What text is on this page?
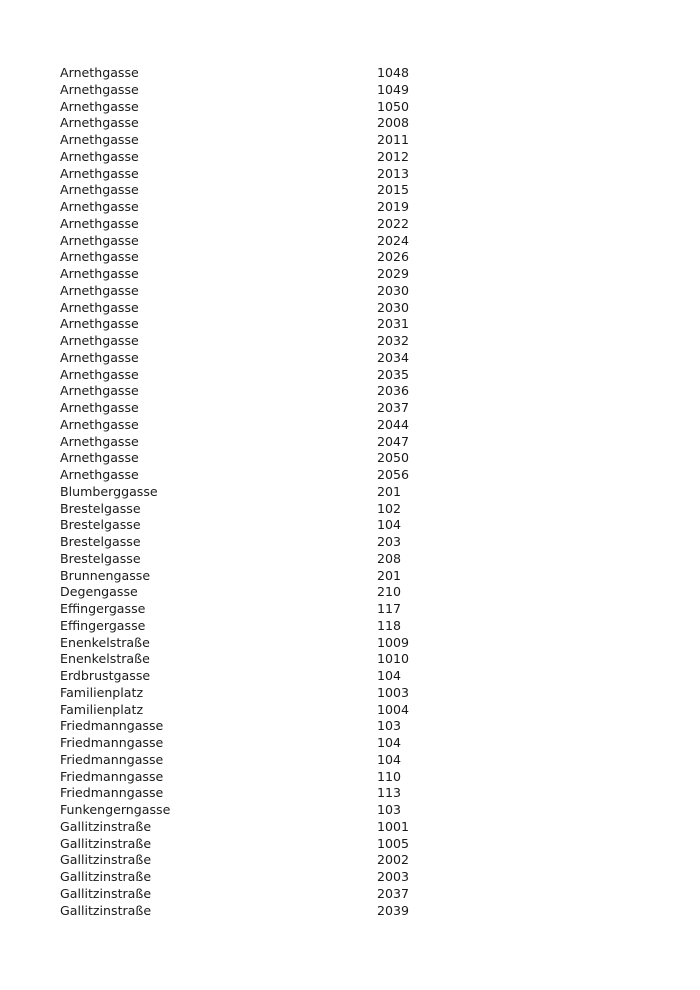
Arnethgasse	1048
Arnethgasse	1049
Arnethgasse	1050
Arnethgasse	2008
Arnethgasse	2011
Arnethgasse	2012
Arnethgasse	2013
Arnethgasse	2015
Arnethgasse	2019
Arnethgasse	2022
Arnethgasse	2024
Arnethgasse	2026
Arnethgasse	2029
Arnethgasse	2030
Arnethgasse	2030
Arnethgasse	2031
Arnethgasse	2032
Arnethgasse	2034
Arnethgasse	2035
Arnethgasse	2036
Arnethgasse	2037
Arnethgasse	2044
Arnethgasse	2047
Arnethgasse	2050
Arnethgasse	2056
Blumberggasse	201
Brestelgasse	102
Brestelgasse	104
Brestelgasse	203
Brestelgasse	208
Brunnengasse	201
Degengasse	210
Effingergasse	117
Effingergasse	118
Enenkelstraße	1009
Enenkelstraße	1010
Erdbrustgasse	104
Familienplatz	1003
Familienplatz	1004
Friedmanngasse	103
Friedmanngasse	104
Friedmanngasse	104
Friedmanngasse	110
Friedmanngasse	113
Funkengerngasse	103
Gallitzinstraße	1001
Gallitzinstraße	1005
Gallitzinstraße	2002
Gallitzinstraße	2003
Gallitzinstraße	2037
Gallitzinstraße	2039
